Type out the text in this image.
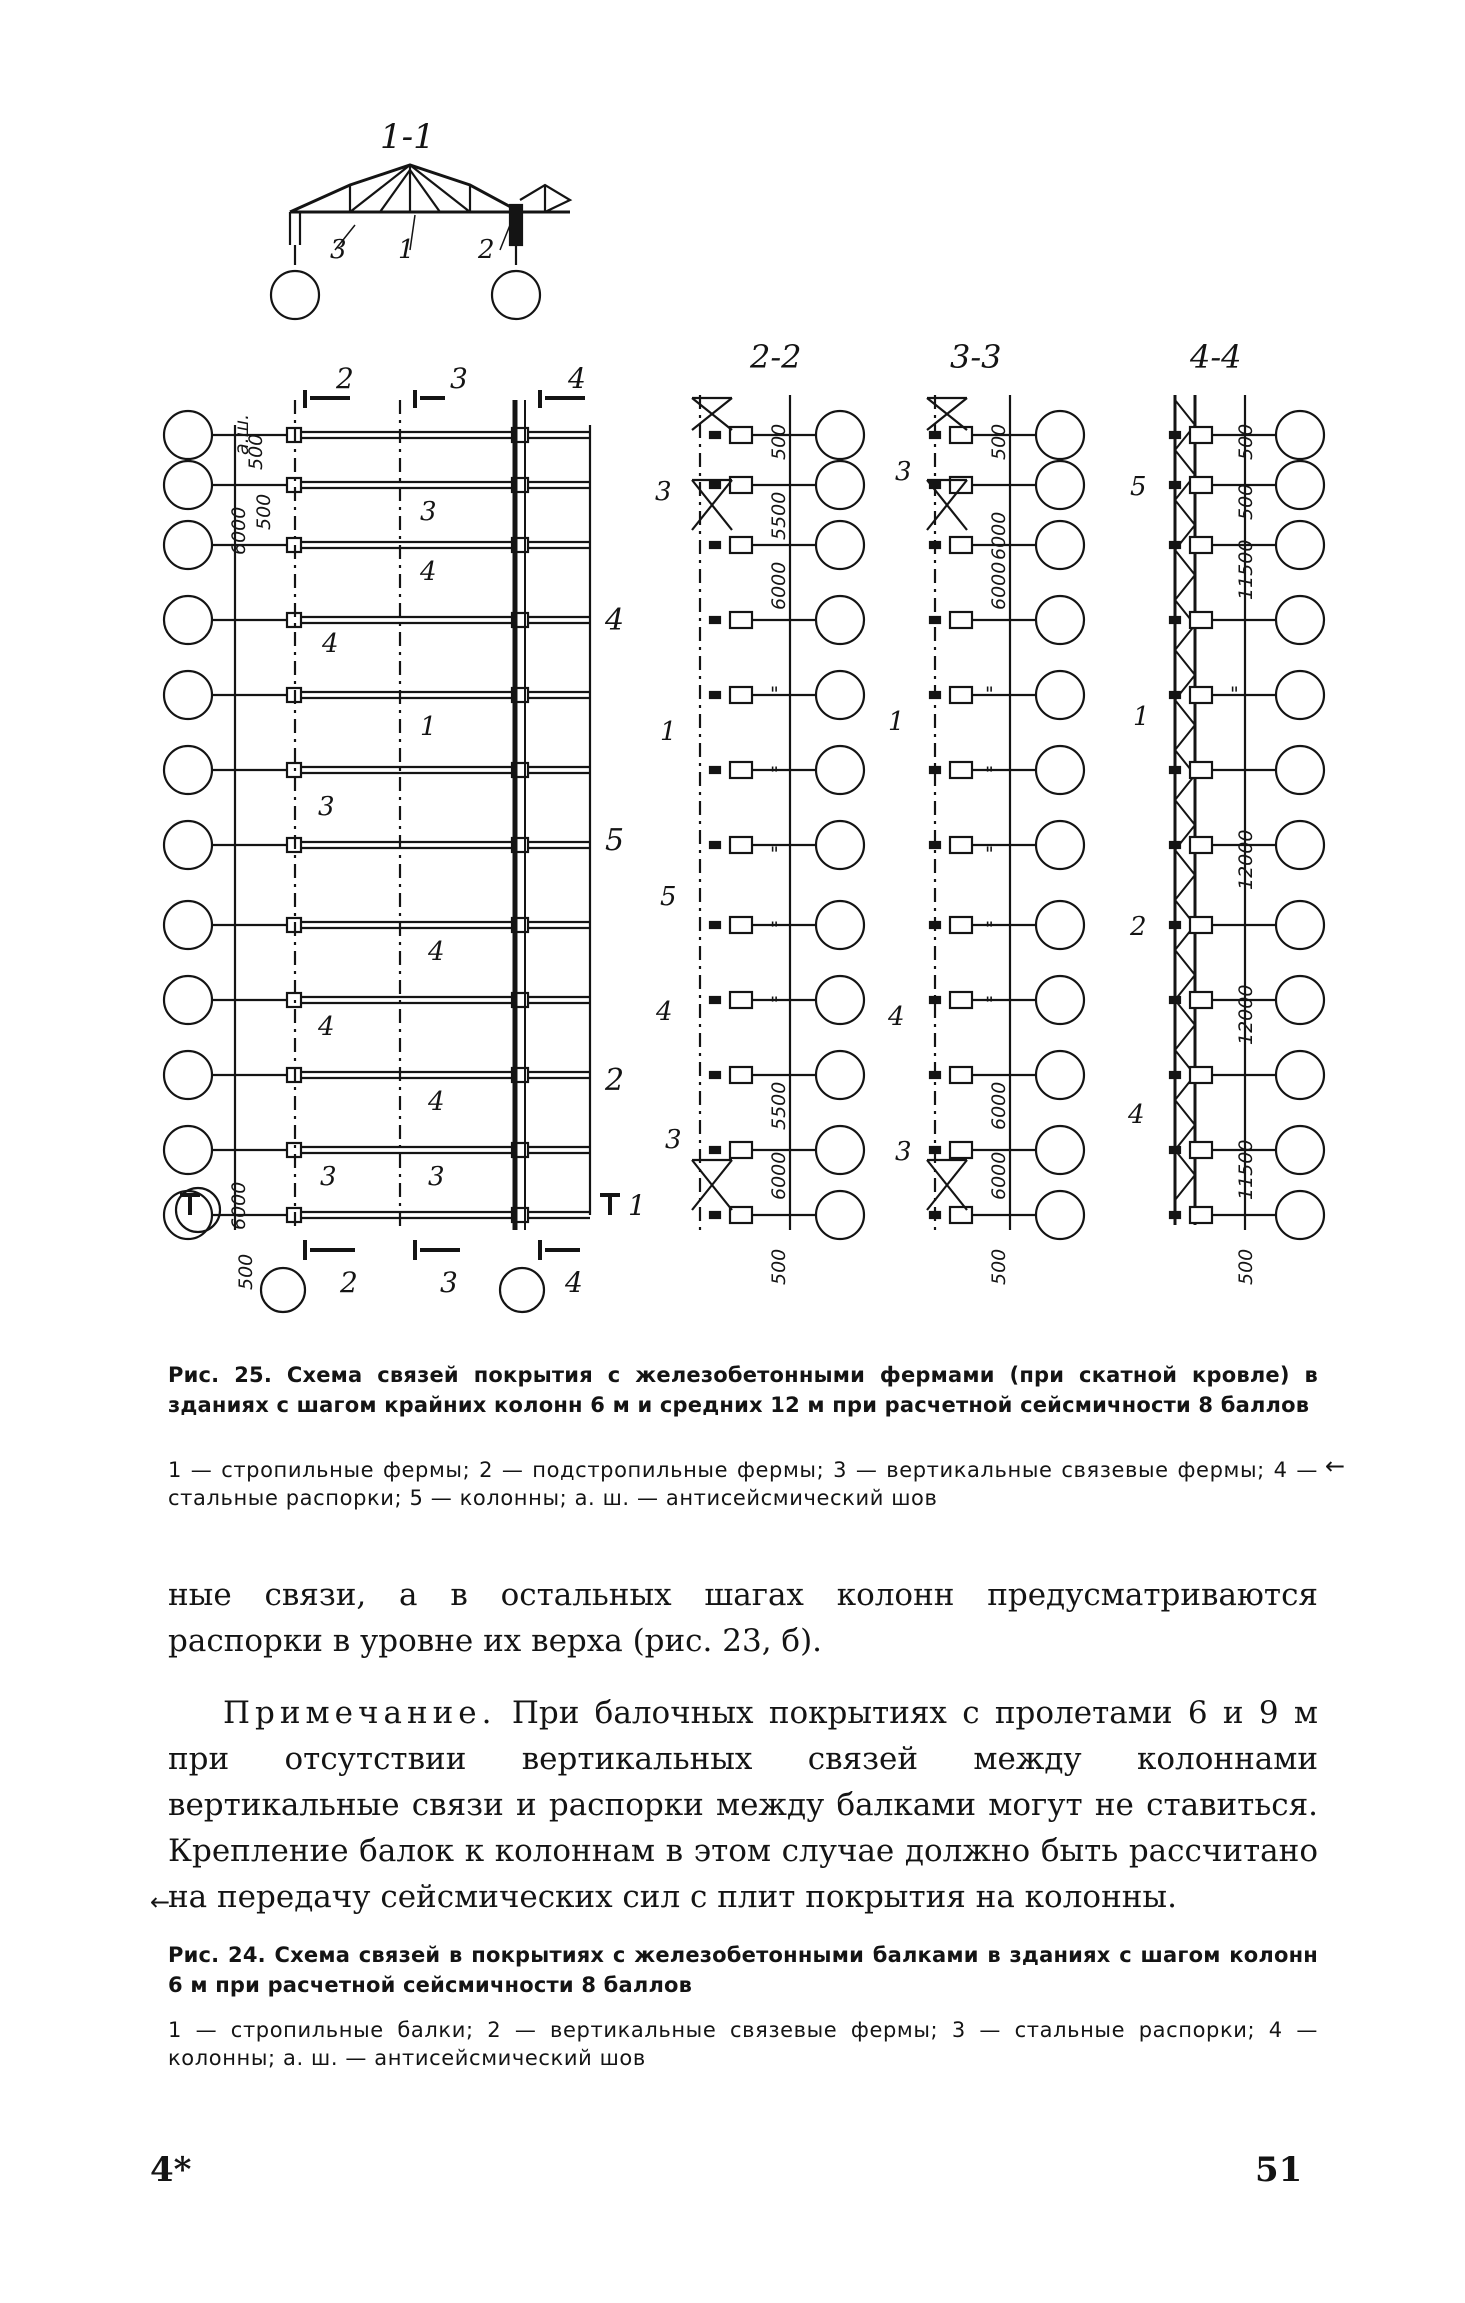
1-1
3 1 2
2	3	4
2	3	4
1
а.ш.
500
500
6000
6000
500
3
4
4
1
3
4
4
4
3	3
4
5
2
2-2	3-3	4-4
3
1
5
4
3
3
1
4
3
5
1
2
4
500
5500
6000
5500
6000
500
500
6000
6000
6000
6000
500
500
500
11500
12000
12000
11500
500
"
"
"
"
"
"
"
"
"
"
"
Рис. 25. Схема связей покрытия с железобетонными фермами (при скатной кровле) в зданиях с шагом крайних колонн 6 м и средних 12 м при расчетной сейсмичности 8 баллов
1 — стропильные фермы; 2 — подстропильные фермы; 3 — вертикальные связевые фермы; 4 — стальные распорки; 5 — колонны; а. ш. — антисейсмический шов
←
ные связи, а в остальных шагах колонн предусматриваются распорки в уровне их верха (рис. 23, б).
Примечание. При балочных покрытиях с пролетами 6 и 9 м при отсутствии вертикальных связей между колоннами вертикальные связи и распорки между балками могут не ставиться. Крепление балок к колоннам в этом случае должно быть рассчитано на передачу сейсмических сил с плит покрытия на колонны.
←
Рис. 24. Схема связей в покрытиях с железобетонными балками в зданиях с шагом колонн 6 м при расчетной сейсмичности 8 баллов
1 — стропильные балки; 2 — вертикальные связевые фермы; 3 — стальные распорки; 4 — колонны; а. ш. — антисейсмический шов
4*	51
